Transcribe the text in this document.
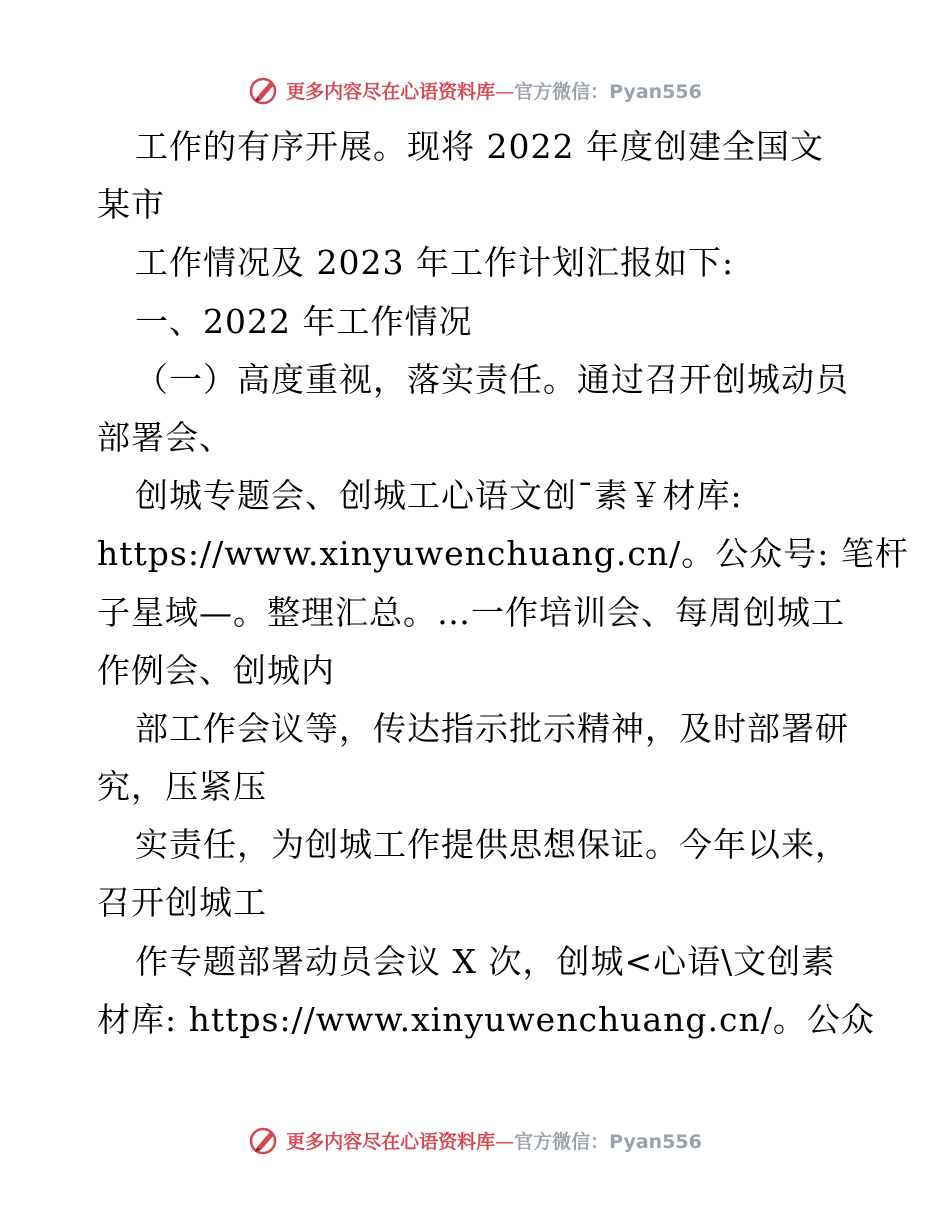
更多内容尽在心语资料库—官方微信：Pyan556
工作的有序开展。现将 2022 年度创建全国文
某市
工作情况及 2023 年工作计划汇报如下:
一、2022 年工作情况
（一）高度重视，落实责任。通过召开创城动员
部署会、
创城专题会、创城工心语文创¯素￥材库:
https://www.xinyuwenchuang.cn/。公众号: 笔杆
子星域—。整理汇总。…一作培训会、每周创城工
作例会、创城内
部工作会议等，传达指示批示精神，及时部署研
究，压紧压
实责任，为创城工作提供思想保证。今年以来，
召开创城工
作专题部署动员会议 X 次，创城<心语\文创素
材库: https://www.xinyuwenchuang.cn/。公众
更多内容尽在心语资料库—官方微信：Pyan556
